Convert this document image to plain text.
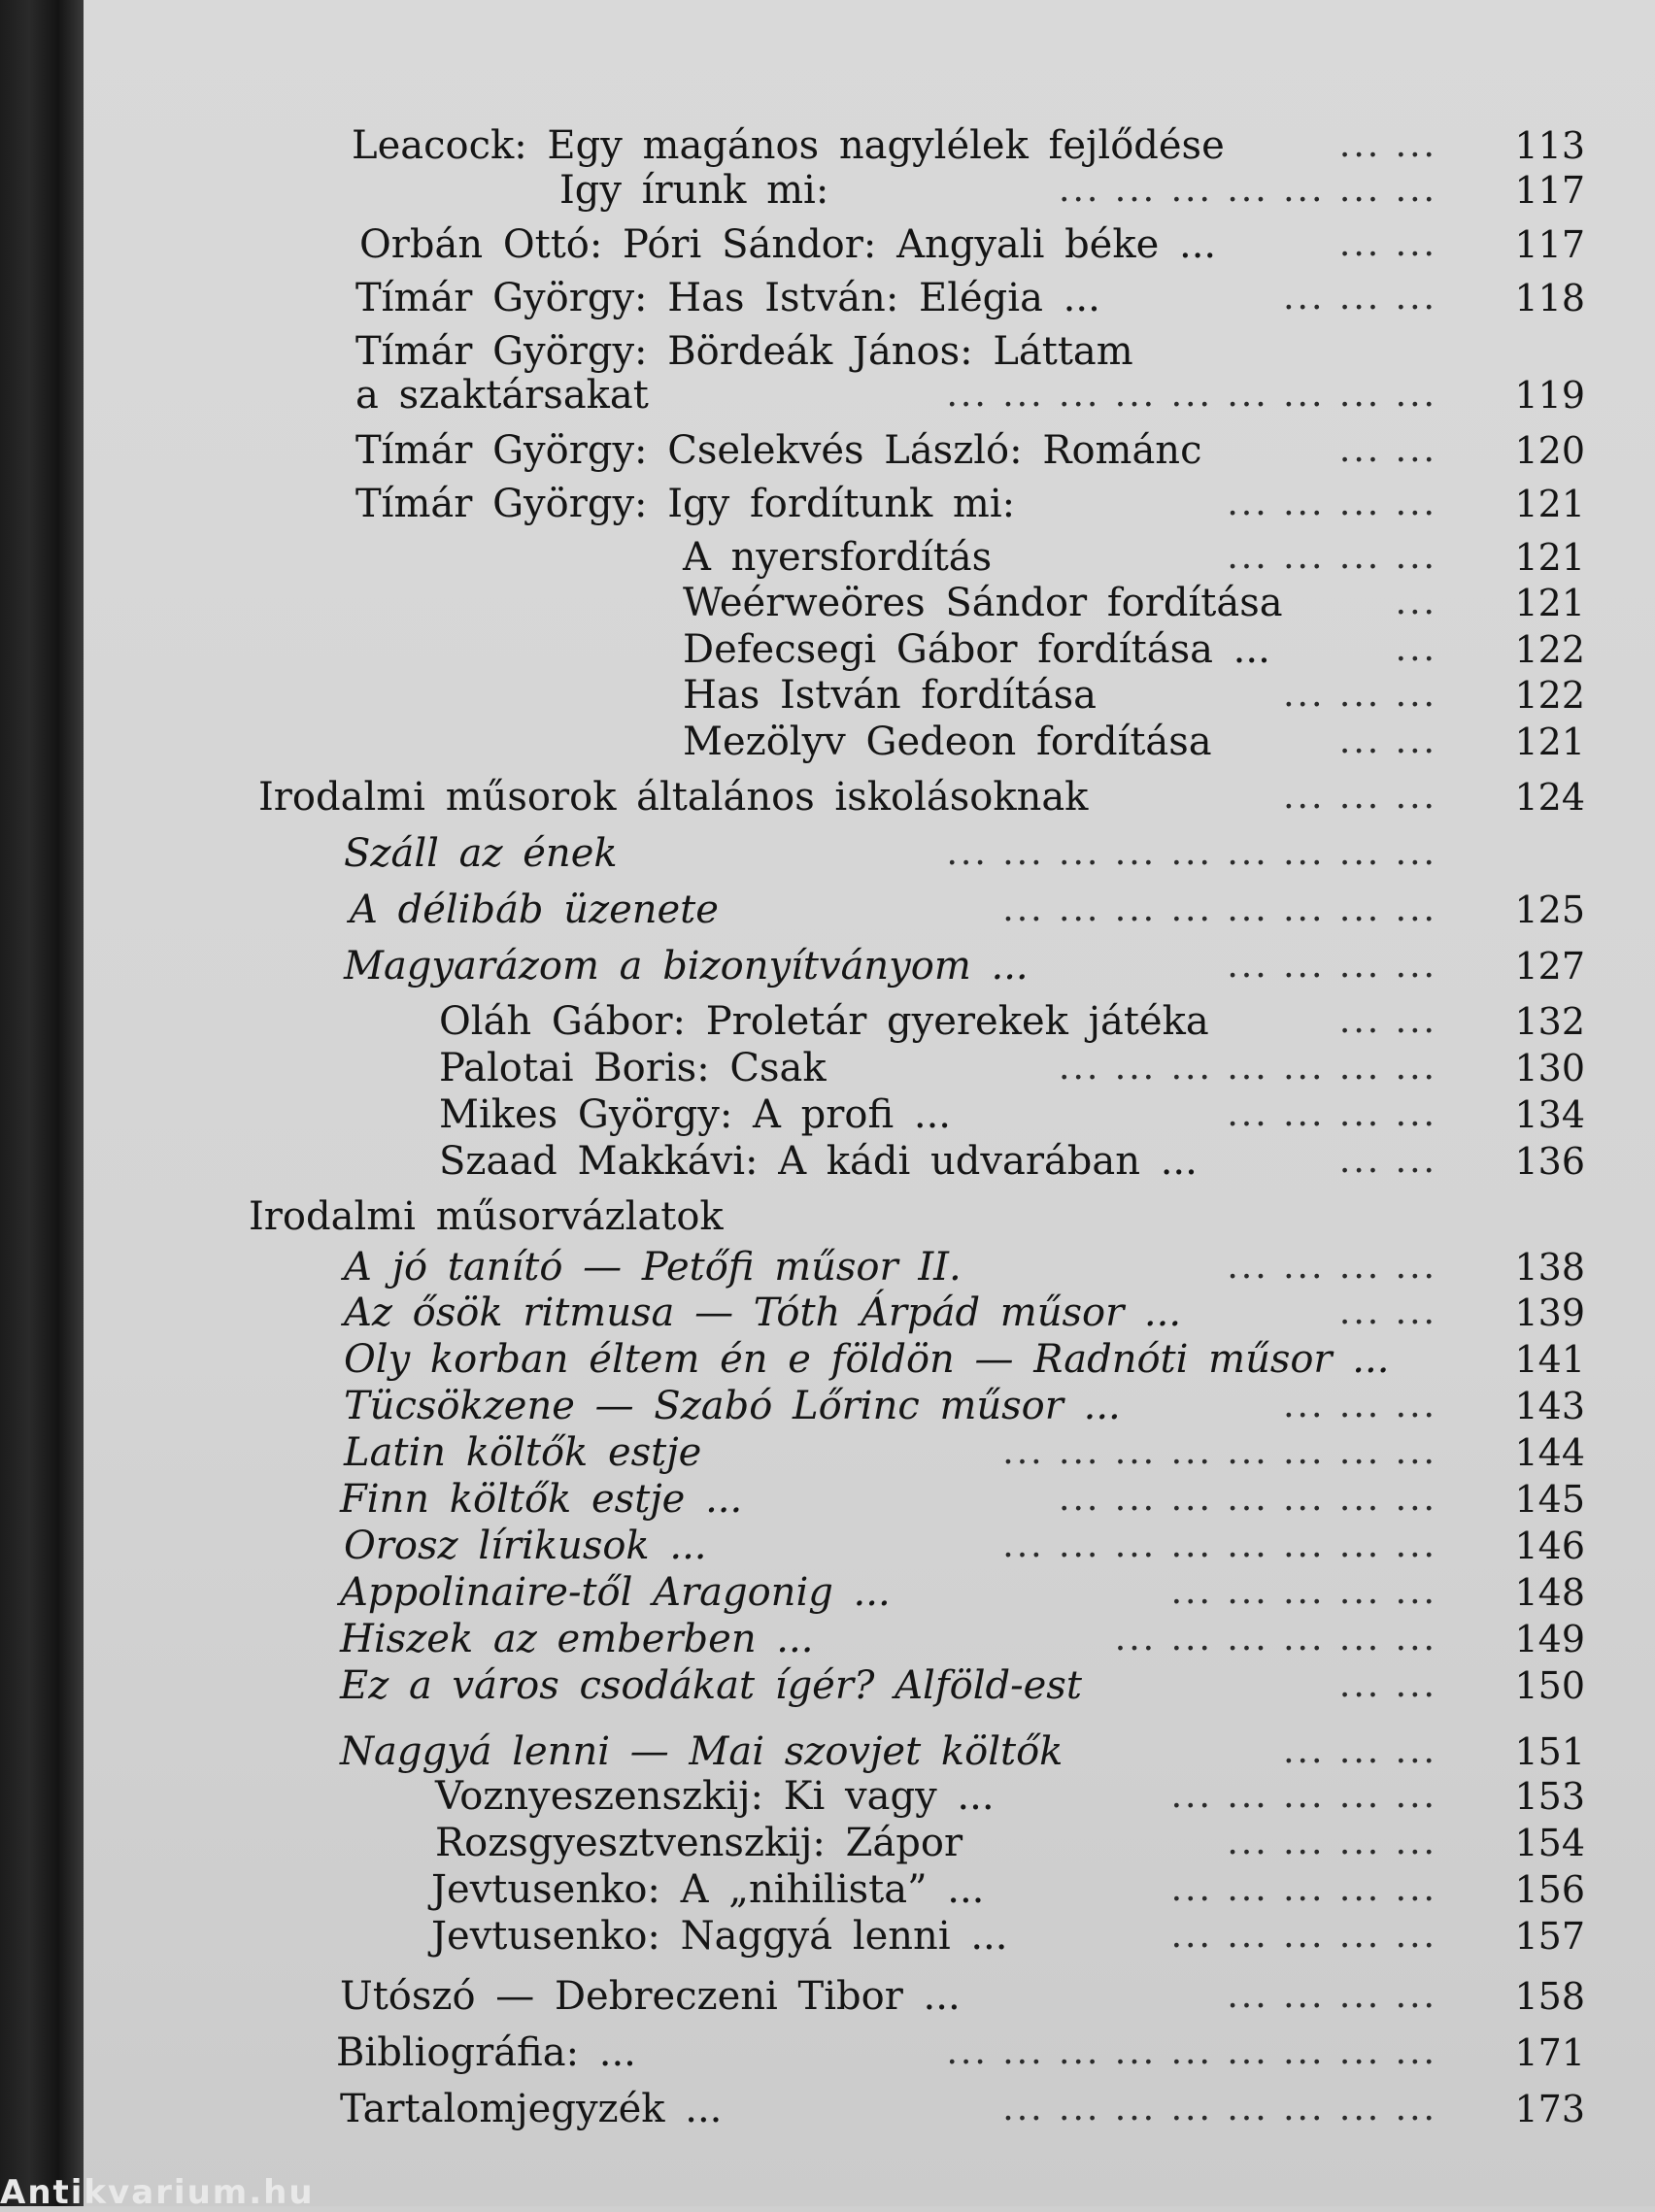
... ...
Leacock: Egy magános nagylélek fejlődése	113
... ... ... ... ... ... ...
Igy írunk mi:	117
... ...
Orbán Ottó: Póri Sándor: Angyali béke ...	117
... ... ...
Tímár György: Has István: Elégia ...	118
Tímár György: Bördeák János: Láttam
... ... ... ... ... ... ... ... ...
a szaktársakat	119
... ...
Tímár György: Cselekvés László: Románc	120
... ... ... ...
Tímár György: Igy fordítunk mi:	121
... ... ... ...
A nyersfordítás	121
...
Weérweöres Sándor fordítása	121
...
Defecsegi Gábor fordítása ...	122
... ... ...
Has István fordítása	122
... ...
Mezölyv Gedeon fordítása	121
... ... ...
Irodalmi műsorok általános iskolásoknak	124
... ... ... ... ... ... ... ... ...
Száll az ének
... ... ... ... ... ... ... ...
A délibáb üzenete	125
... ... ... ...
Magyarázom a bizonyítványom ...	127
... ...
Oláh Gábor: Proletár gyerekek játéka	132
... ... ... ... ... ... ...
Palotai Boris: Csak	130
... ... ... ...
Mikes György: A profi ...	134
... ...
Szaad Makkávi: A kádi udvarában ...	136
Irodalmi műsorvázlatok
... ... ... ...
A jó tanító — Petőfi műsor II.	138
... ...
Az ősök ritmusa — Tóth Árpád műsor ...	139
Oly korban éltem én e földön — Radnóti műsor ...	141
... ... ...
Tücsökzene — Szabó Lőrinc műsor ...	143
... ... ... ... ... ... ... ...
Latin költők estje	144
... ... ... ... ... ... ...
Finn költők estje ...	145
... ... ... ... ... ... ... ...
Orosz lírikusok ...	146
... ... ... ... ...
Appolinaire-től Aragonig ...	148
... ... ... ... ... ...
Hiszek az emberben ...	149
... ...
Ez a város csodákat ígér? Alföld-est	150
... ... ...
Naggyá lenni — Mai szovjet költők	151
... ... ... ... ...
Voznyeszenszkij: Ki vagy ...	153
... ... ... ...
Rozsgyesztvenszkij: Zápor	154
... ... ... ... ...
Jevtusenko: A „nihilista” ...	156
... ... ... ... ...
Jevtusenko: Naggyá lenni ...	157
... ... ... ...
Utószó — Debreczeni Tibor ...	158
... ... ... ... ... ... ... ... ...
Bibliográfia: ...	171
... ... ... ... ... ... ... ...
Tartalomjegyzék ...	173
Antikvarium.hu
